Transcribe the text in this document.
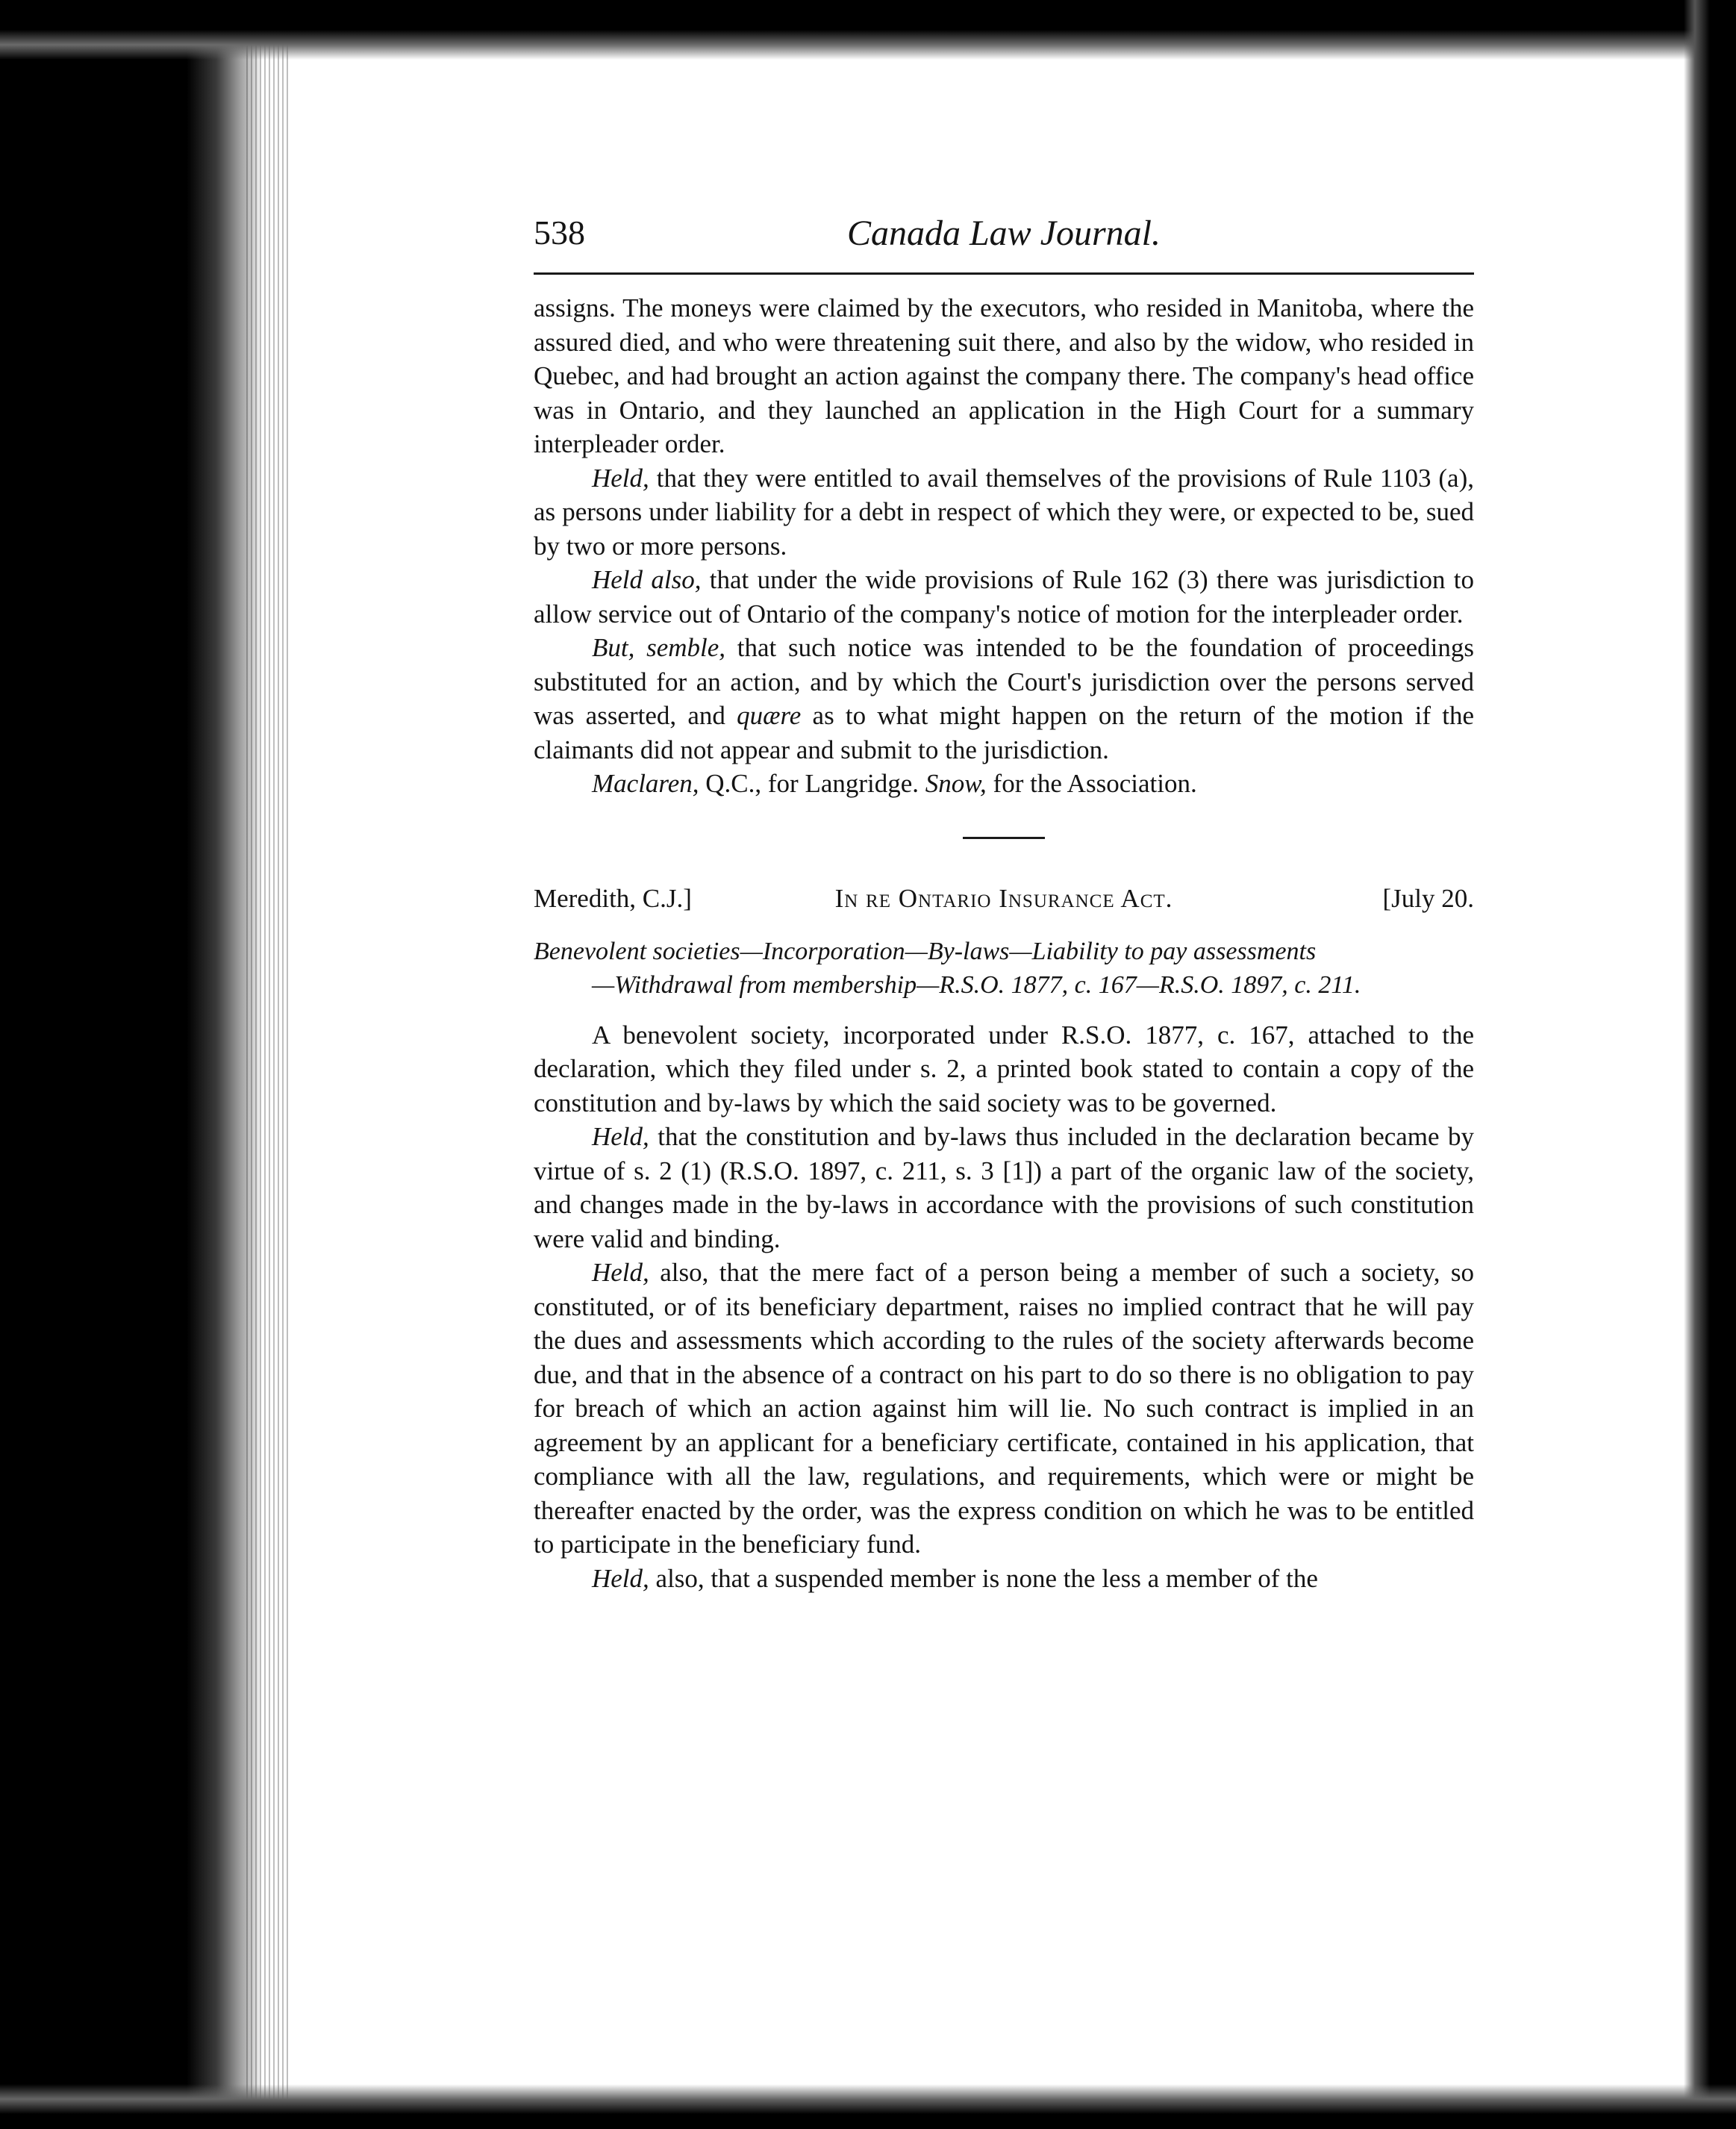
538	Canada Law Journal.

assigns. The moneys were claimed by the executors, who resided in Manitoba, where the assured died, and who were threatening suit there, and also by the widow, who resided in Quebec, and had brought an action against the company there. The company's head office was in Ontario, and they launched an application in the High Court for a summary interpleader order.

Held, that they were entitled to avail themselves of the provisions of Rule 1103 (a), as persons under liability for a debt in respect of which they were, or expected to be, sued by two or more persons.

Held also, that under the wide provisions of Rule 162 (3) there was jurisdiction to allow service out of Ontario of the company's notice of motion for the interpleader order.

But, semble, that such notice was intended to be the foundation of proceedings substituted for an action, and by which the Court's jurisdiction over the persons served was asserted, and quære as to what might happen on the return of the motion if the claimants did not appear and submit to the jurisdiction.

Maclaren, Q.C., for Langridge. Snow, for the Association.

Meredith, C.J.]	In re Ontario Insurance Act.	[July 20.
Benevolent societies—Incorporation—By-laws—Liability to pay assessments
—Withdrawal from membership—R.S.O. 1877, c. 167—R.S.O. 1897, c. 211.

A benevolent society, incorporated under R.S.O. 1877, c. 167, attached to the declaration, which they filed under s. 2, a printed book stated to contain a copy of the constitution and by-laws by which the said society was to be governed.

Held, that the constitution and by-laws thus included in the declaration became by virtue of s. 2 (1) (R.S.O. 1897, c. 211, s. 3 [1]) a part of the organic law of the society, and changes made in the by-laws in accordance with the provisions of such constitution were valid and binding.

Held, also, that the mere fact of a person being a member of such a society, so constituted, or of its beneficiary department, raises no implied contract that he will pay the dues and assessments which according to the rules of the society afterwards become due, and that in the absence of a contract on his part to do so there is no obligation to pay for breach of which an action against him will lie. No such contract is implied in an agreement by an applicant for a beneficiary certificate, contained in his application, that compliance with all the law, regulations, and requirements, which were or might be thereafter enacted by the order, was the express condition on which he was to be entitled to participate in the beneficiary fund.

Held, also, that a suspended member is none the less a member of the
